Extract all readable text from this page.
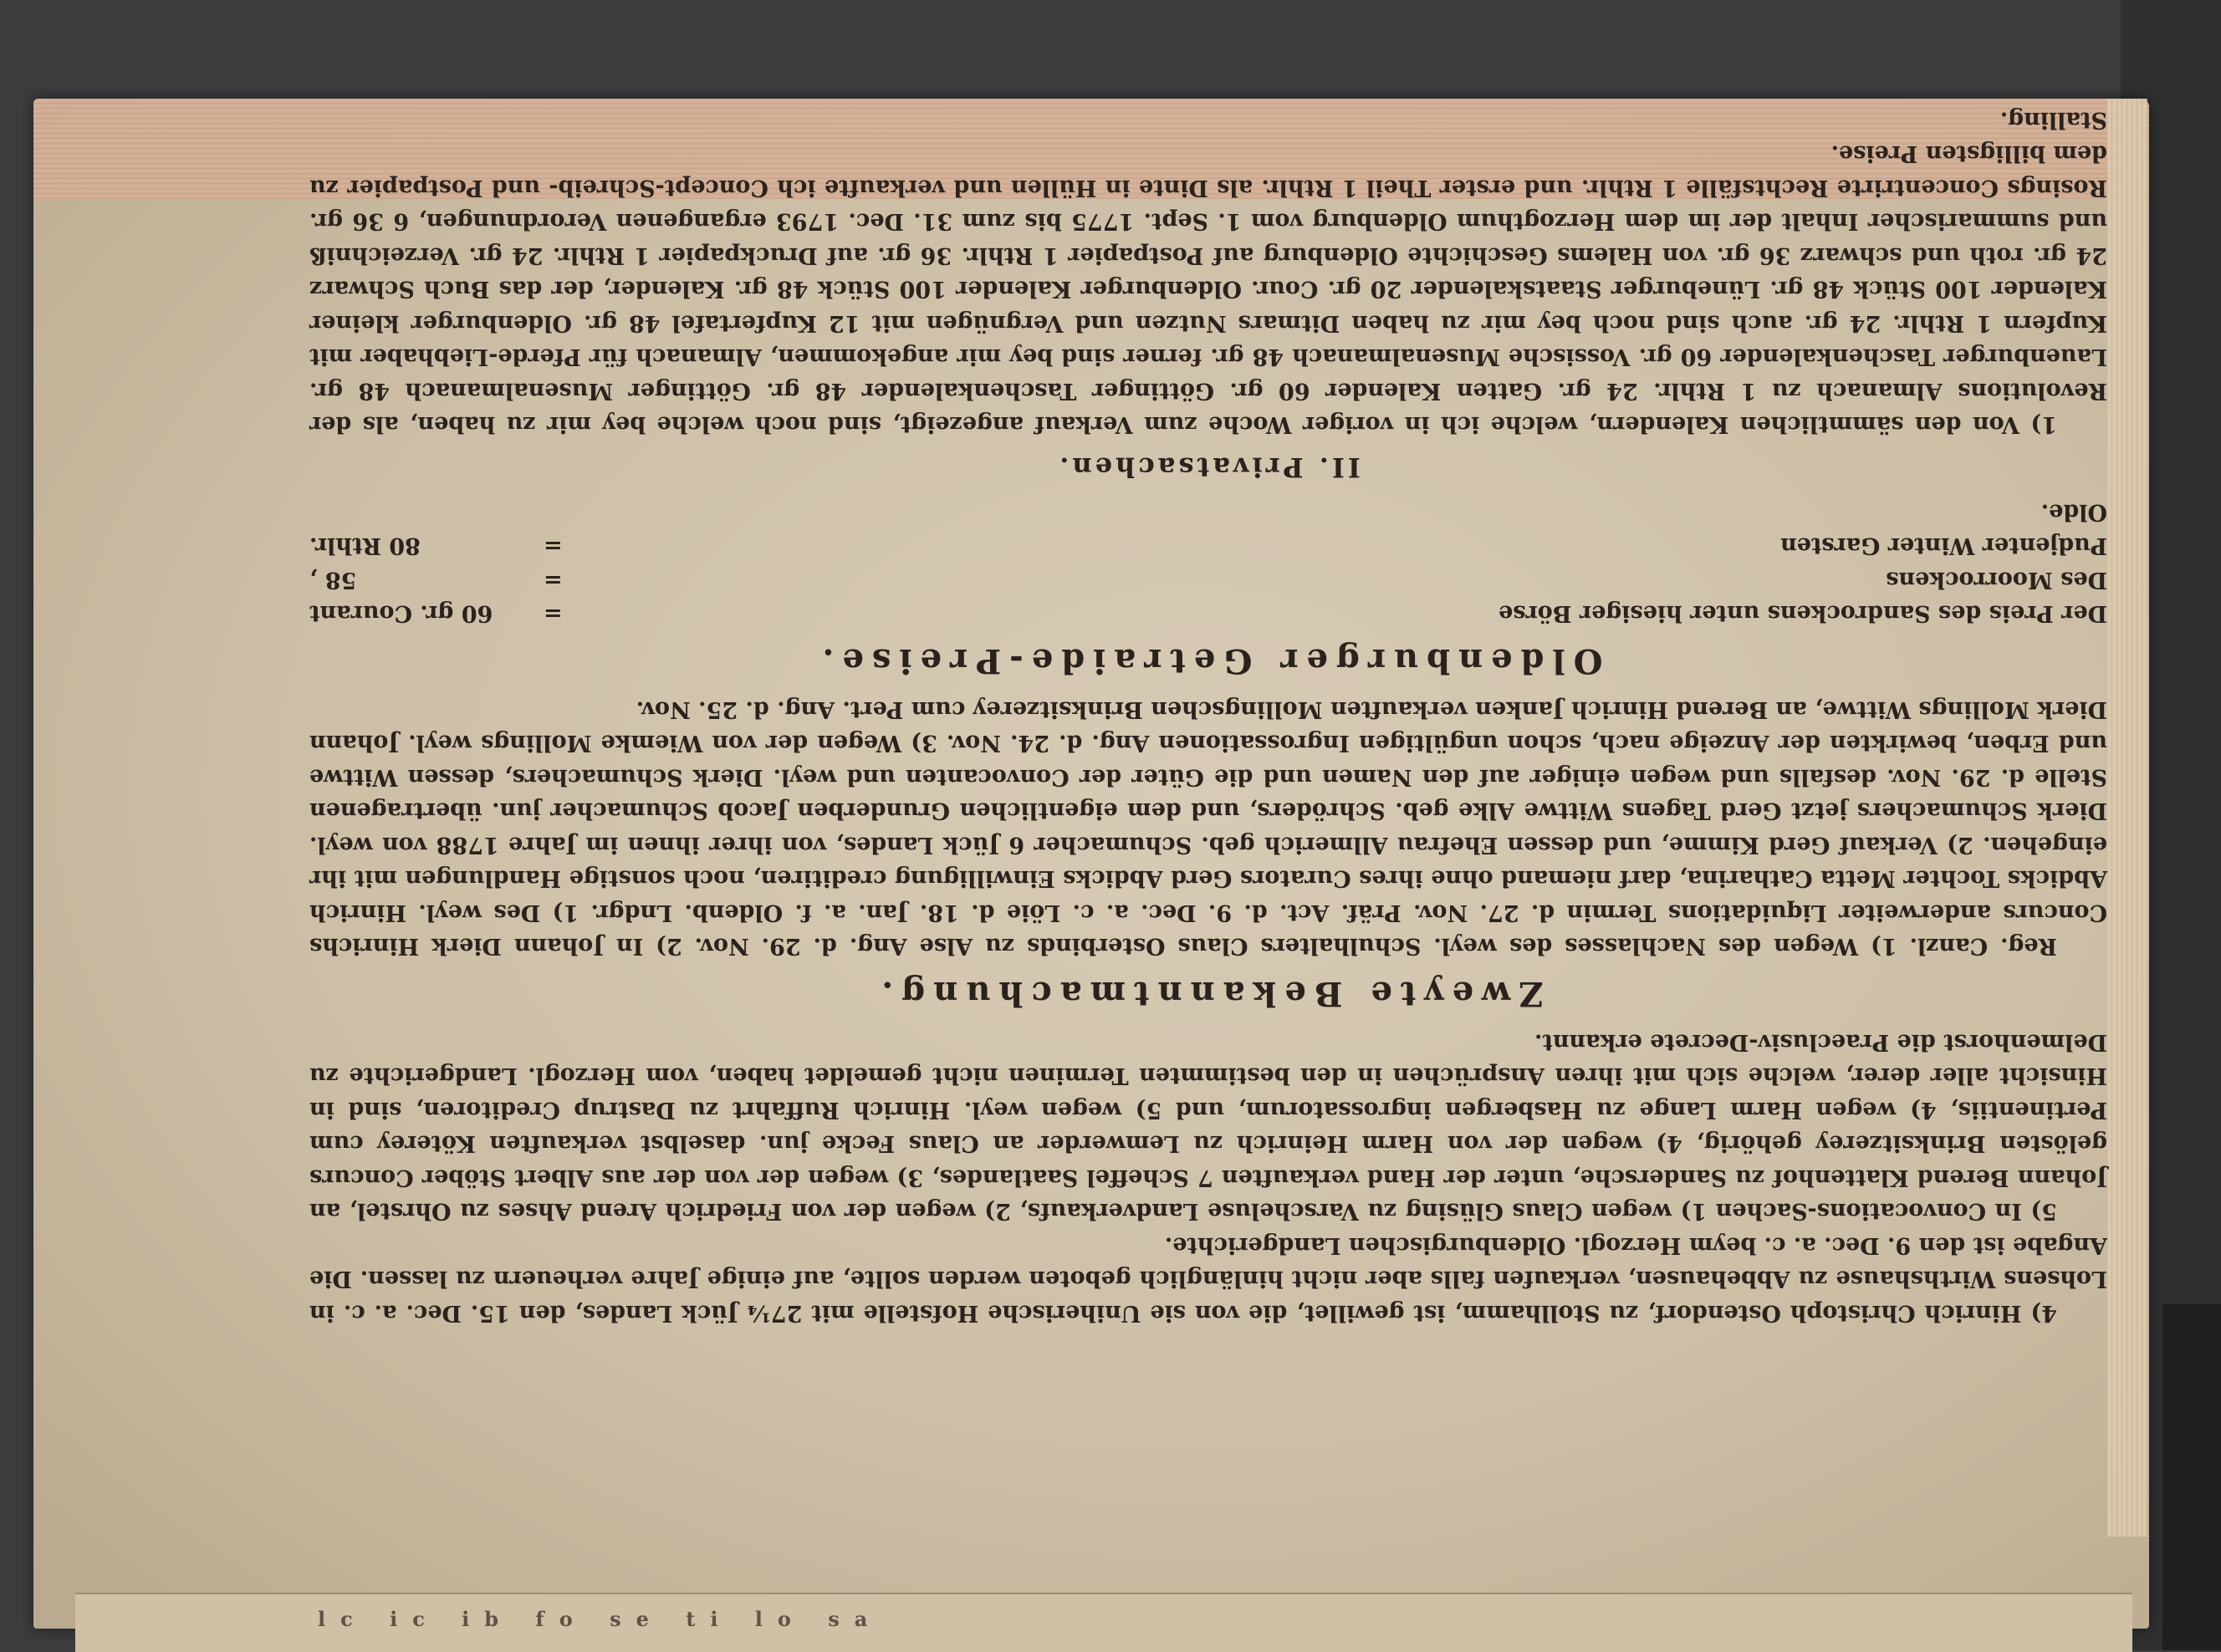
4) Hinrich Christoph Ostendorf, zu Stollhamm, ist gewillet, die von sie Uniherische Hofstelle mit 27¼ Jück Landes, den 15. Dec. a. c. in Lohsens Wirthshause zu Abbehausen, verkaufen falls aber nicht hinlänglich geboten werden sollte, auf einige Jahre verheuern zu lassen. Die Angabe ist den 9. Dec. a. c. beym Herzogl. Oldenburgischen Landgerichte.

5) In Convocations-Sachen 1) wegen Claus Glüsing zu Varscheluse Landverkaufs, 2) wegen der von Friedrich Arend Ahses zu Ohrstel, an Johann Berend Klattenhof zu Sandersche, unter der Hand verkauften 7 Scheffel Saatlandes, 3) wegen der von der aus Albert Stöber Concurs gelösten Brinksitzerey gehörig, 4) wegen der von Harm Heinrich zu Lemwerder an Claus Fecke jun. daselbst verkauften Köterey cum Pertinentiis, 4) wegen Harm Lange zu Hasbergen ingrossatorum, und 5) wegen weyl. Hinrich Ruffahrt zu Dastrup Creditoren, sind in Hinsicht aller derer, welche sich mit ihren Ansprüchen in den bestimmten Terminen nicht gemeldet haben, vom Herzogl. Landgerichte zu Delmenhorst die Praeclusiv-Decrete erkannt.

Zweyte Bekanntmachung.

Reg. Canzl. 1) Wegen des Nachlasses des weyl. Schulhalters Claus Osterbinds zu Alse Ang. d. 29. Nov. 2) In Johann Dierk Hinrichs Concurs anderweiter Liquidations Termin d. 27. Nov. Präf. Act. d. 9. Dec. a. c. Löie d. 18. Jan. a. f. Oldenb. Lndgr. 1) Des weyl. Hinrich Abdicks Tochter Metta Catharina, darf niemand ohne ihres Curators Gerd Abdicks Einwilligung creditiren, noch sonstige Handlungen mit ihr eingehen. 2) Verkauf Gerd Kimme, und dessen Ehefrau Allmerich geb. Schumacher 6 Jück Landes, von ihrer ihnen im Jahre 1788 von weyl. Dierk Schumachers jetzt Gerd Tagens Wittwe Alke geb. Schröders, und dem eigentlichen Grunderben Jacob Schumacher jun. übertragenen Stelle d. 29. Nov. desfalls und wegen einiger auf den Namen und die Güter der Convocanten und weyl. Dierk Schumachers, dessen Wittwe und Erben, bewirkten der Anzeige nach, schon ungültigen Ingrossationen Ang. d. 24. Nov. 3) Wegen der von Wiemke Mollings weyl. Johann Dierk Mollings Wittwe, an Berend Hinrich Janken verkauften Mollingschen Brinksitzerey cum Pert. Ang. d. 25. Nov.

Oldenburger Getraide-Preise.
Der Preis des Sandrockens unter hiesiger Börse
=
60 gr. Courant
Des Moorrockens
=
58 ,
Pudjenter Winter Garsten
=
80 Rthlr.

Olde.

II. Privatsachen.

1) Von den sämmtlichen Kalendern, welche ich in voriger Woche zum Verkauf angezeigt, sind noch welche bey mir zu haben, als der Revolutions Almanach zu 1 Rthlr. 24 gr. Gatten Kalender 60 gr. Göttinger Taschenkalender 48 gr. Göttinger Musenalmanach 48 gr. Lauenburger Taschenkalender 60 gr. Vossische Musenalmanach 48 gr. ferner sind bey mir angekommen, Almanach für Pferde-Liebhaber mit Kupfern 1 Rthlr. 24 gr. auch sind noch bey mir zu haben Ditmars Nutzen und Vergnügen mit 12 Kupfertafel 48 gr. Oldenburger kleiner Kalender 100 Stück 48 gr. Lüneburger Staatskalender 20 gr. Cour. Oldenburger Kalender 100 Stück 48 gr. Kalender, der das Buch Schwarz 24 gr. roth und schwarz 36 gr. von Halems Geschichte Oldenburg auf Postpapier 1 Rthlr. 36 gr. auf Druckpapier 1 Rthlr. 24 gr. Verzeichniß und summarischer Inhalt der im dem Herzogthum Oldenburg vom 1. Sept. 1775 bis zum 31. Dec. 1793 ergangenen Verordnungen, 6 36 gr. Rosings Concentrirte Rechtsfälle 1 Rthlr. und erster Theil 1 Rthlr. als Dinte in Hüllen und verkaufte ich Concept-Schreib- und Postpapier zu dem billigsten Preise.

Stalling.

lc ic ib fo se ti lo sa
